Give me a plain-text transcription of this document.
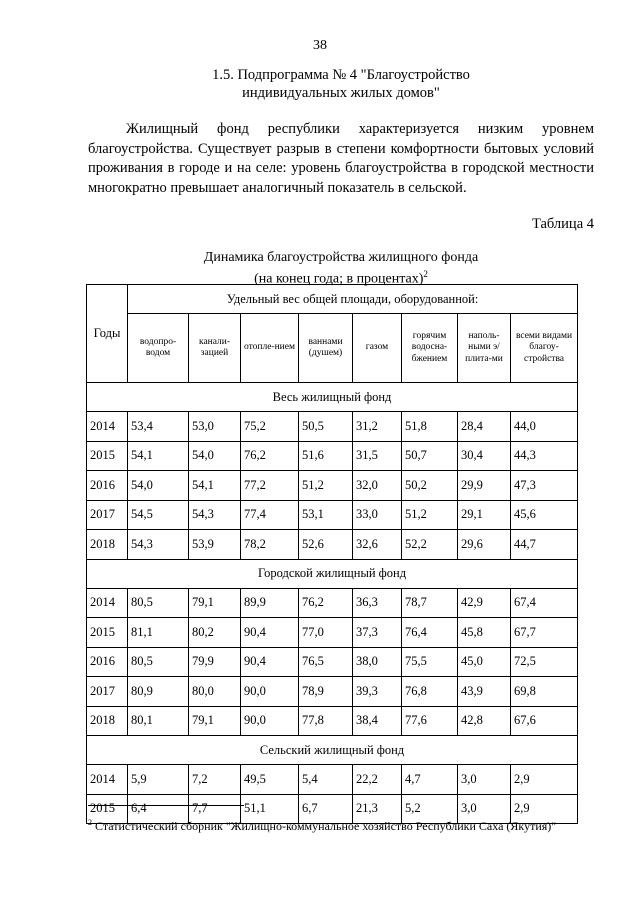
38
1.5. Подпрограмма № 4 "Благоустройство
индивидуальных жилых домов"

Жилищный фонд республики характеризуется низким уровнем благоустройства. Существует разрыв в степени комфортности бытовых условий проживания в городе и на селе: уровень благоустройства в городской местности многократно превышает аналогичный показатель в сельской.

Таблица 4
Динамика благоустройства жилищного фонда
(на конец года; в процентах)$^2$
Годы	Удельный вес общей площади, оборудованной:							
	водопро-водом	канали-зацией	отопле-нием	ваннами (душем)	газом	горячим водосна-бжением	наполь-ными э/плита-ми	всеми видами благоу-стройства
Весь жилищный фонд								
2014	53,4	53,0	75,2	50,5	31,2	51,8	28,4	44,0
2015	54,1	54,0	76,2	51,6	31,5	50,7	30,4	44,3
2016	54,0	54,1	77,2	51,2	32,0	50,2	29,9	47,3
2017	54,5	54,3	77,4	53,1	33,0	51,2	29,1	45,6
2018	54,3	53,9	78,2	52,6	32,6	52,2	29,6	44,7
Городской жилищный фонд								
2014	80,5	79,1	89,9	76,2	36,3	78,7	42,9	67,4
2015	81,1	80,2	90,4	77,0	37,3	76,4	45,8	67,7
2016	80,5	79,9	90,4	76,5	38,0	75,5	45,0	72,5
2017	80,9	80,0	90,0	78,9	39,3	76,8	43,9	69,8
2018	80,1	79,1	90,0	77,8	38,4	77,6	42,8	67,6
Сельский жилищный фонд								
2014	5,9	7,2	49,5	5,4	22,2	4,7	3,0	2,9
2015	6,4	7,7	51,1	6,7	21,3	5,2	3,0	2,9

$^2$ Статистический сборник "Жилищно-коммунальное хозяйство Республики Саха (Якутия)"
